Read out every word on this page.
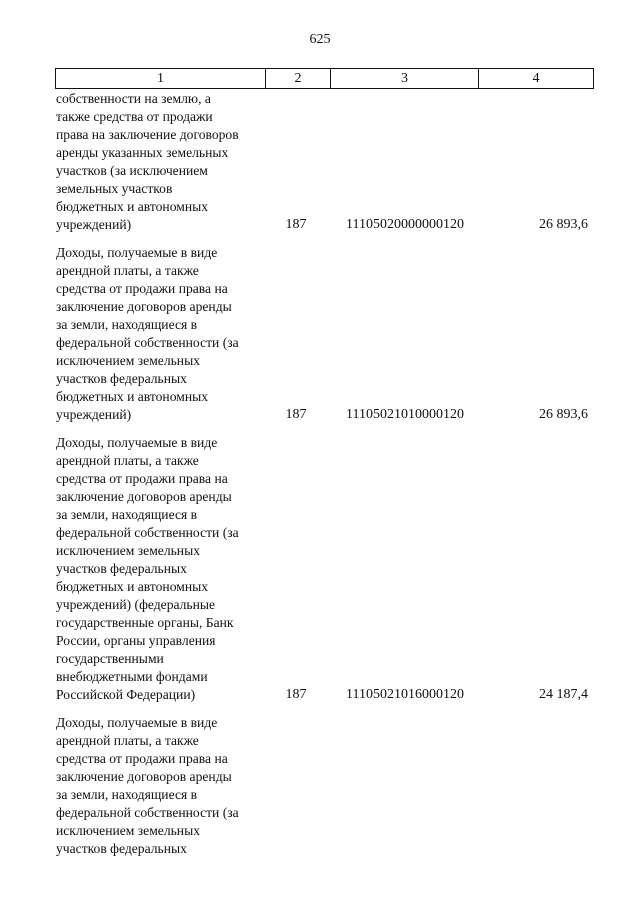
625
1	2	3	4
собственности на землю, а
также средства от продажи
права на заключение договоров
аренды указанных земельных
участков (за исключением
земельных участков
бюджетных и автономных
учреждений)	187	11105020000000120	26 893,6
Доходы, получаемые в виде
арендной платы, а также
средства от продажи права на
заключение договоров аренды
за земли, находящиеся в
федеральной собственности (за
исключением земельных
участков федеральных
бюджетных и автономных
учреждений)	187	11105021010000120	26 893,6
Доходы, получаемые в виде
арендной платы, а также
средства от продажи права на
заключение договоров аренды
за земли, находящиеся в
федеральной собственности (за
исключением земельных
участков федеральных
бюджетных и автономных
учреждений) (федеральные
государственные органы, Банк
России, органы управления
государственными
внебюджетными фондами
Российской Федерации)	187	11105021016000120	24 187,4
Доходы, получаемые в виде
арендной платы, а также
средства от продажи права на
заключение договоров аренды
за земли, находящиеся в
федеральной собственности (за
исключением земельных
участков федеральных
